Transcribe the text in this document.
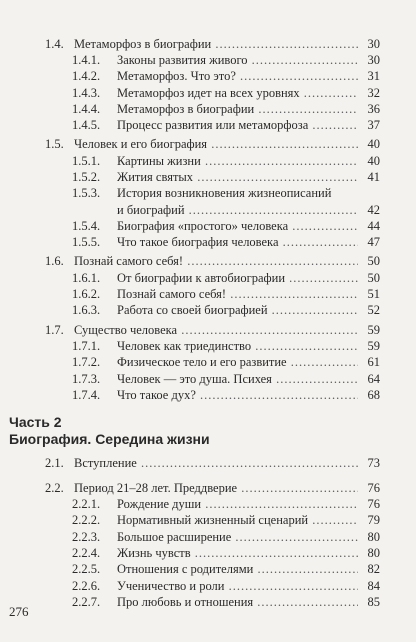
1.4. Метаморфоз в биографии .....	30
1.4.1. Законы развития живого .....	30
1.4.2. Метаморфоз. Что это? .....	31
1.4.3. Метаморфоз идет на всех уровнях .....	32
1.4.4. Метаморфоз в биографии .....	36
1.4.5. Процесс развития или метаморфоза .....	37
1.5. Человек и его биография .....	40
1.5.1. Картины жизни .....	40
1.5.2. Жития святых .....	41
1.5.3. История возникновения жизнеописаний
и биографий .....	42
1.5.4. Биография «простого» человека .....	44
1.5.5. Что такое биография человека .....	47
1.6. Познай самого себя! .....	50
1.6.1. От биографии к автобиографии .....	50
1.6.2. Познай самого себя! .....	51
1.6.3. Работа со своей биографией .....	52
1.7. Существо человека .....	59
1.7.1. Человек как триединство .....	59
1.7.2. Физическое тело и его развитие .....	61
1.7.3. Человек — это душа. Психея .....	64
1.7.4. Что такое дух? .....	68
Часть 2
Биография. Середина жизни
2.1. Вступление .....	73
2.2. Период 21–28 лет. Преддверие .....	76
2.2.1. Рождение души .....	76
2.2.2. Нормативный жизненный сценарий .....	79
2.2.3. Большое расширение .....	80
2.2.4. Жизнь чувств .....	80
2.2.5. Отношения с родителями .....	82
2.2.6. Ученичество и роли .....	84
2.2.7. Про любовь и отношения .....	85
276
